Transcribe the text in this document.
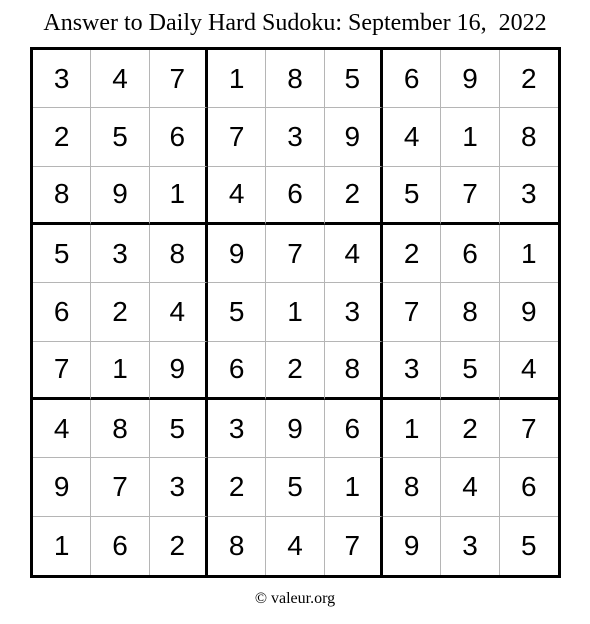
Answer to Daily Hard Sudoku: September 16,  2022
3	4	7	1	8	5	6	9	2
2	5	6	7	3	9	4	1	8
8	9	1	4	6	2	5	7	3
5	3	8	9	7	4	2	6	1
6	2	4	5	1	3	7	8	9
7	1	9	6	2	8	3	5	4
4	8	5	3	9	6	1	2	7
9	7	3	2	5	1	8	4	6
1	6	2	8	4	7	9	3	5
© valeur.org
